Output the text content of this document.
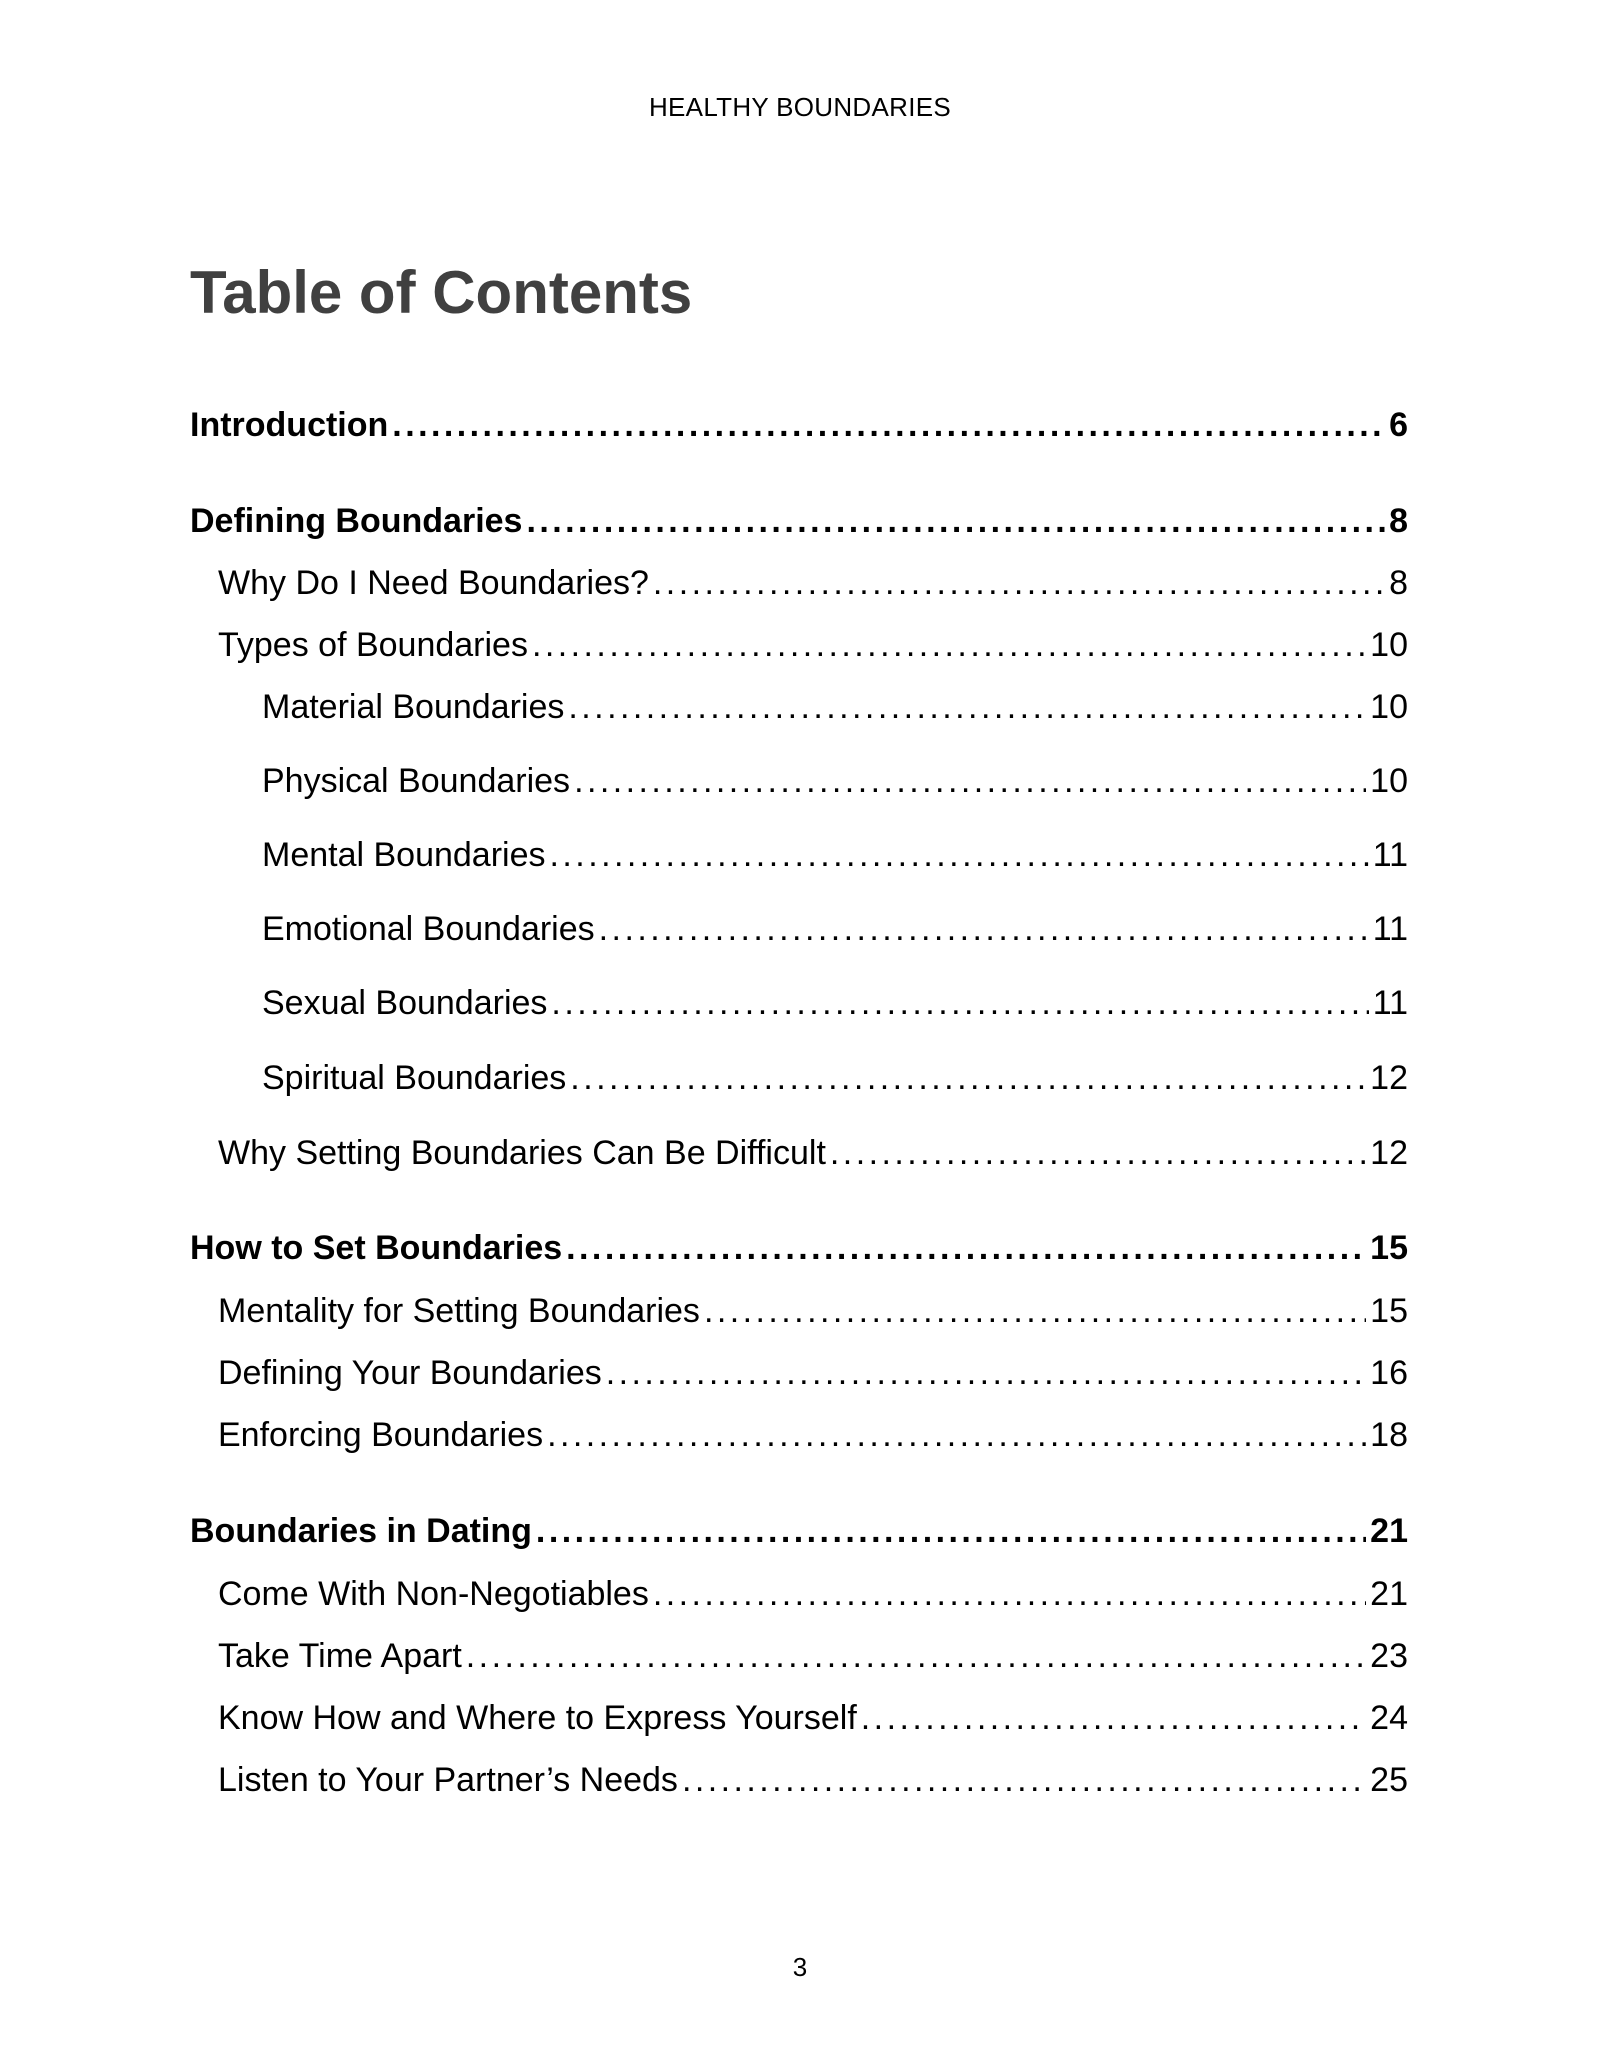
HEALTHY BOUNDARIES
Table of Contents
Introduction . . .	6
Defining Boundaries . . .	8
Why Do I Need Boundaries? . . .	8
Types of Boundaries . . .	10
Material Boundaries . . .	10
Physical Boundaries . . .	10
Mental Boundaries . . .	11
Emotional Boundaries . . .	11
Sexual Boundaries . . .	11
Spiritual Boundaries . . .	12
Why Setting Boundaries Can Be Difficult . . .	12
How to Set Boundaries . . .	15
Mentality for Setting Boundaries . . .	15
Defining Your Boundaries . . .	16
Enforcing Boundaries . . .	18
Boundaries in Dating . . .	21
Come With Non-Negotiables . . .	21
Take Time Apart . . .	23
Know How and Where to Express Yourself . . .	24
Listen to Your Partner’s Needs . . .	25
3
